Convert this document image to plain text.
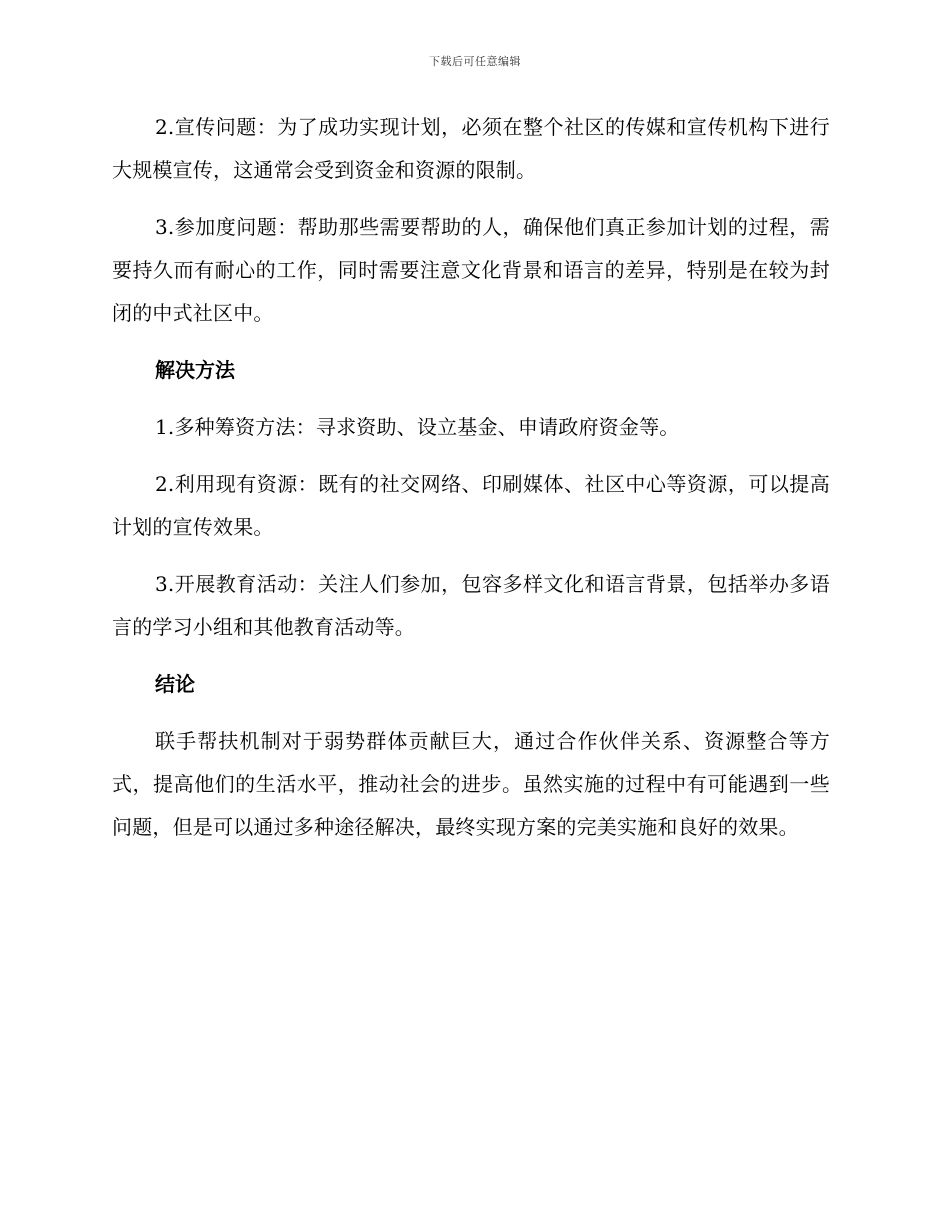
下载后可任意编辑

2.宣传问题：为了成功实现计划，必须在整个社区的传媒和宣传机构下进行大规模宣传，这通常会受到资金和资源的限制。

3.参加度问题：帮助那些需要帮助的人，确保他们真正参加计划的过程，需要持久而有耐心的工作，同时需要注意文化背景和语言的差异，特别是在较为封闭的中式社区中。

解决方法

1.多种筹资方法：寻求资助、设立基金、申请政府资金等。

2.利用现有资源：既有的社交网络、印刷媒体、社区中心等资源，可以提高计划的宣传效果。

3.开展教育活动：关注人们参加，包容多样文化和语言背景，包括举办多语言的学习小组和其他教育活动等。

结论

联手帮扶机制对于弱势群体贡献巨大，通过合作伙伴关系、资源整合等方式，提高他们的生活水平，推动社会的进步。虽然实施的过程中有可能遇到一些问题，但是可以通过多种途径解决，最终实现方案的完美实施和良好的效果。
